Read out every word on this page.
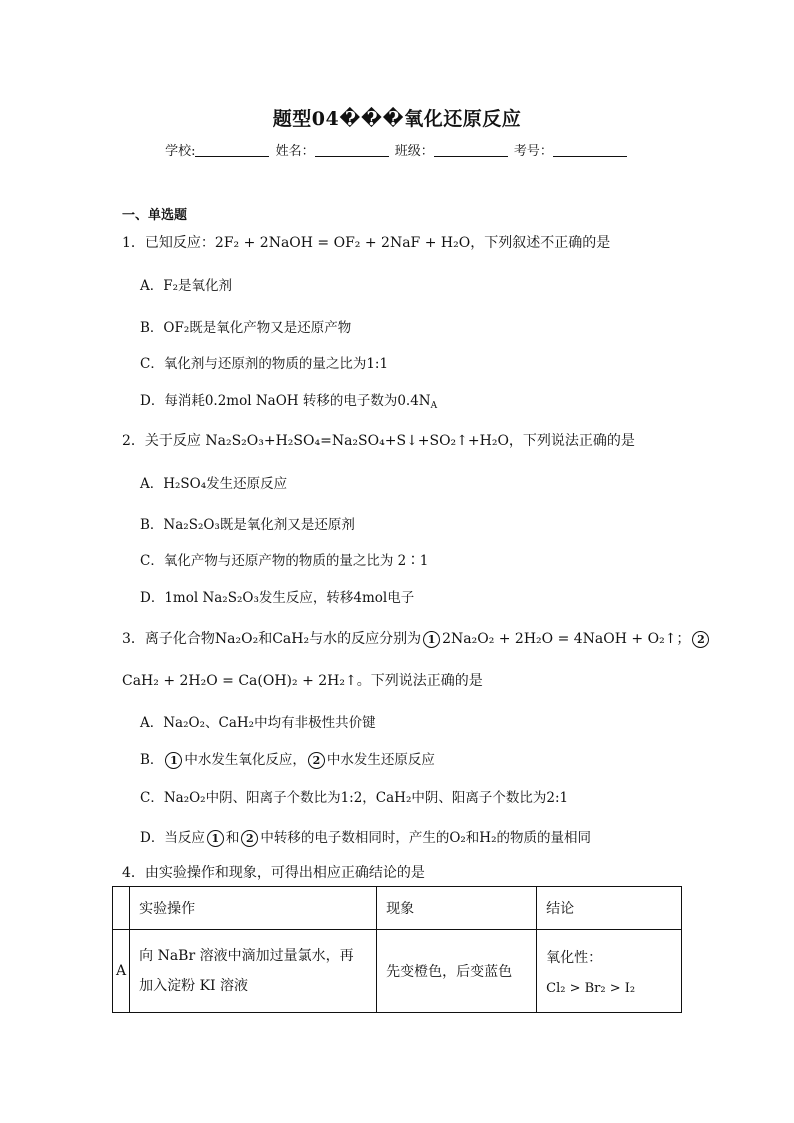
题型04���氧化还原反应
学校:	姓名：	班级：	考号：
一、单选题
1．已知反应：2F₂ + 2NaOH = OF₂ + 2NaF + H₂O，下列叙述不正确的是
A．F₂是氧化剂
B．OF₂既是氧化产物又是还原产物
C．氧化剂与还原剂的物质的量之比为1:1
D．每消耗0.2mol NaOH 转移的电子数为$0.4N_A$
2．关于反应 Na₂S₂O₃+H₂SO₄=Na₂SO₄+S↓+SO₂↑+H₂O，下列说法正确的是
A．H₂SO₄发生还原反应
B．Na₂S₂O₃既是氧化剂又是还原剂
C．氧化产物与还原产物的物质的量之比为 2∶1
D．1mol Na₂S₂O₃发生反应，转移4mol电子
3．离子化合物Na₂O₂和CaH₂与水的反应分别为 1 2Na₂O₂ + 2H₂O = 4NaOH + O₂↑； 2
CaH₂ + 2H₂O = Ca(OH)₂ + 2H₂↑。下列说法正确的是
A．Na₂O₂、CaH₂中均有非极性共价键
B． 1 中水发生氧化反应， 2 中水发生还原反应
C．Na₂O₂中阴、阳离子个数比为1:2，CaH₂中阴、阳离子个数比为2:1
D．当反应 1 和 2 中转移的电子数相同时，产生的O₂和H₂的物质的量相同
4．由实验操作和现象，可得出相应正确结论的是
	实验操作	现象	结论
A	向 NaBr 溶液中滴加过量氯水，再加入淀粉 KI 溶液	先变橙色，后变蓝色	氧化性：
Cl₂ > Br₂ > I₂
